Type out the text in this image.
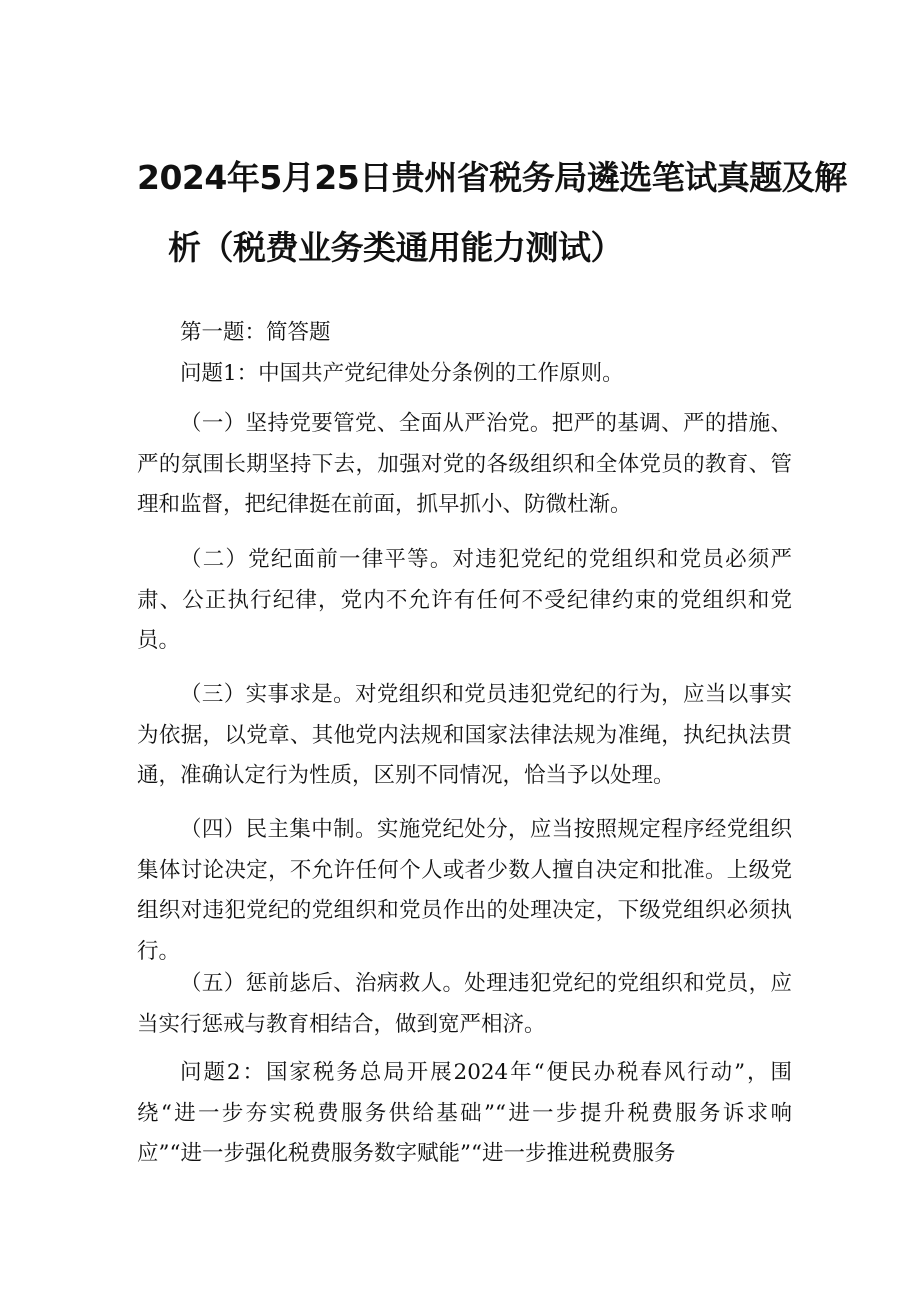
2024年5月25日贵州省税务局遴选笔试真题及解
析（税费业务类通用能力测试）

第一题：简答题

问题1：中国共产党纪律处分条例的工作原则。

（一）坚持党要管党、全面从严治党。把严的基调、严的措施、严的氛围长期坚持下去，加强对党的各级组织和全体党员的教育、管理和监督，把纪律挺在前面，抓早抓小、防微杜渐。

（二）党纪面前一律平等。对违犯党纪的党组织和党员必须严肃、公正执行纪律，党内不允许有任何不受纪律约束的党组织和党员。

（三）实事求是。对党组织和党员违犯党纪的行为，应当以事实为依据，以党章、其他党内法规和国家法律法规为准绳，执纪执法贯通，准确认定行为性质，区别不同情况，恰当予以处理。

（四）民主集中制。实施党纪处分，应当按照规定程序经党组织集体讨论决定，不允许任何个人或者少数人擅自决定和批准。上级党组织对违犯党纪的党组织和党员作出的处理决定，下级党组织必须执行。

（五）惩前毖后、治病救人。处理违犯党纪的党组织和党员，应当实行惩戒与教育相结合，做到宽严相济。

问题2：国家税务总局开展2024年“便民办税春风行动”，围绕“进一步夯实税费服务供给基础”“进一步提升税费服务诉求响应”“进一步强化税费服务数字赋能”“进一步推进税费服务
